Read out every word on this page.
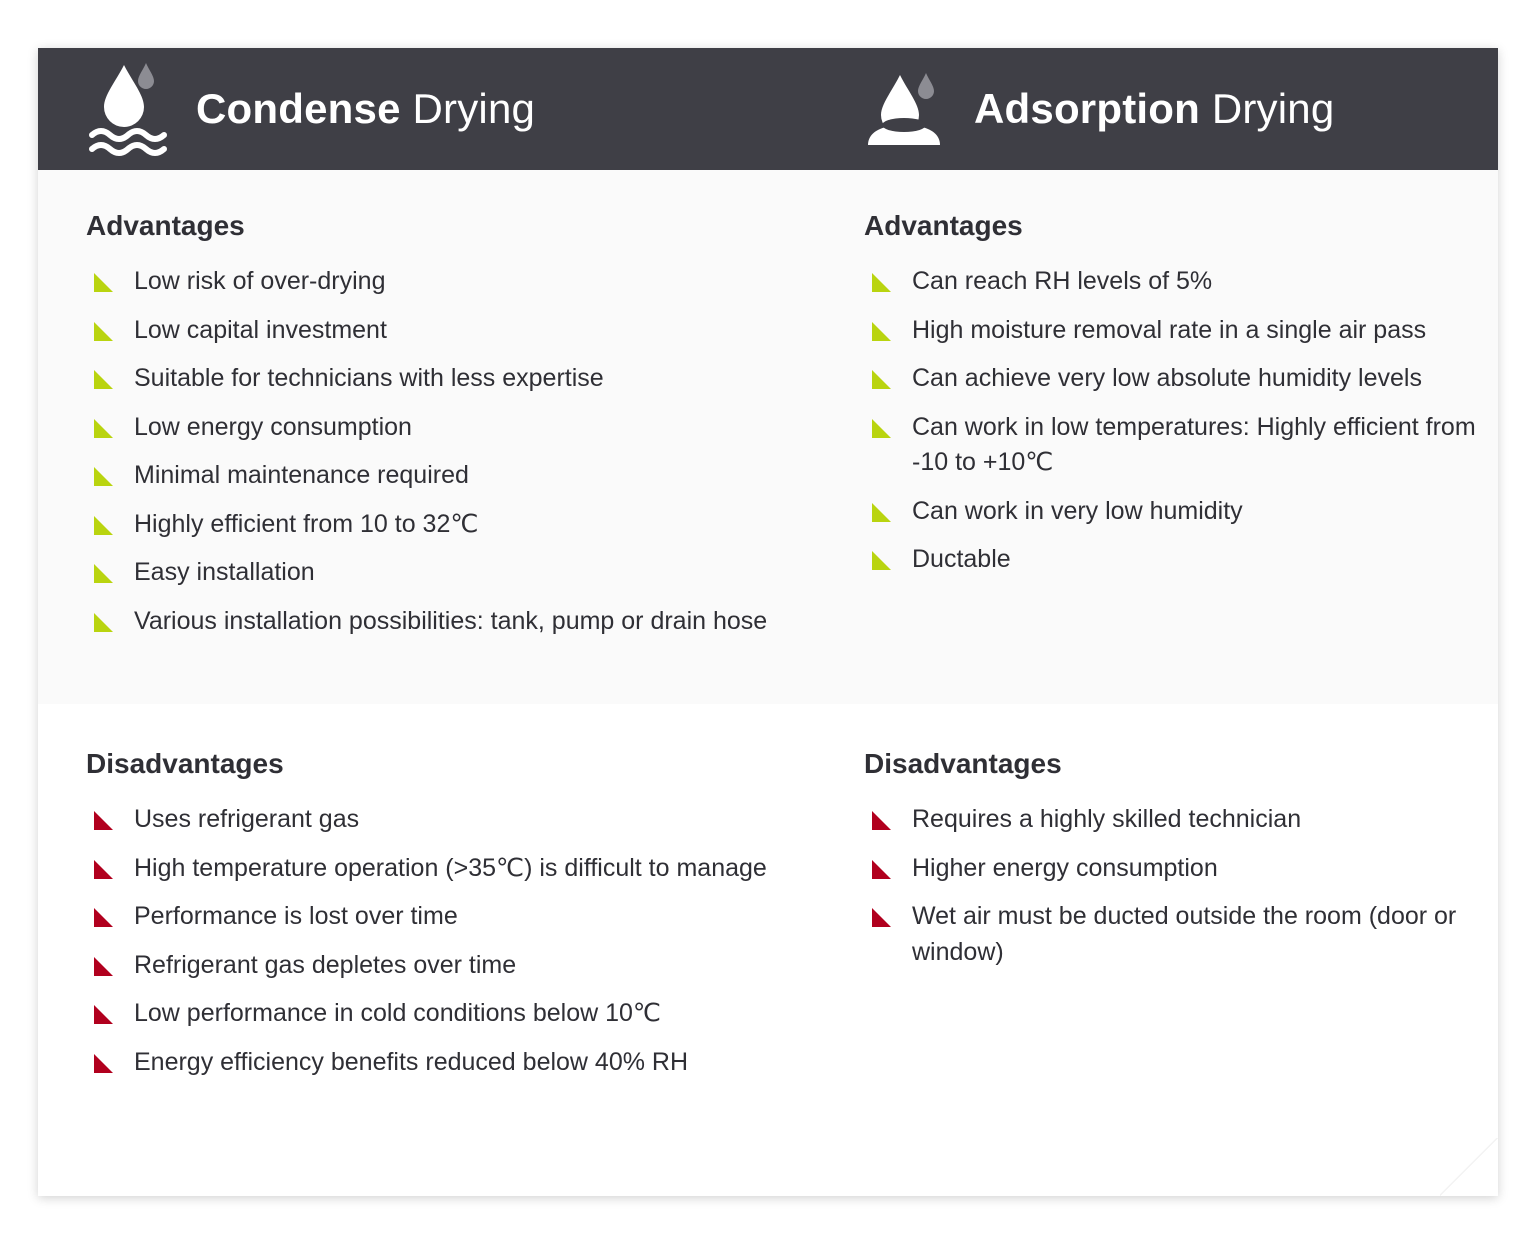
Condense Drying	Adsorption Drying
Advantages
Low risk of over-drying
Low capital investment
Suitable for technicians with less expertise
Low energy consumption
Minimal maintenance required
Highly efficient from 10 to 32℃
Easy installation
Various installation possibilities: tank, pump or drain hose
Advantages
Can reach RH levels of 5%
High moisture removal rate in a single air pass
Can achieve very low absolute humidity levels
Can work in low temperatures: Highly efficient from -10 to +10℃
Can work in very low humidity
Ductable
Disadvantages
Uses refrigerant gas
High temperature operation (>35℃) is difficult to manage
Performance is lost over time
Refrigerant gas depletes over time
Low performance in cold conditions below 10℃
Energy efficiency benefits reduced below 40% RH
Disadvantages
Requires a highly skilled technician
Higher energy consumption
Wet air must be ducted outside the room (door or window)
